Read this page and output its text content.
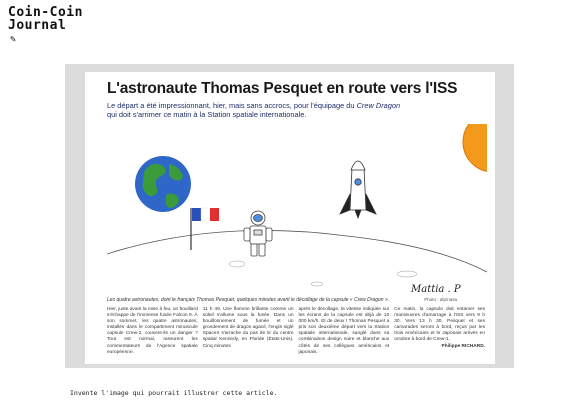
Coin-Coin
Journal
✎
L'astronaute Thomas Pesquet en route vers l'ISS
Le départ a été impressionnant, hier, mais sans accrocs, pour l'équipage du Crew Dragon
qui doit s'arrimer ce matin à la Station spatiale internationale.
Mattia . P
Les quatre astronautes, dont le français Thomas Pesquet, quelques minutes avant le décollage de la capsule « Crew Dragon ».	Photo : afp/nasa
Hier, juste avant la mise à feu, un bouillard s'échappe de l'immense fusée Falcon 9. À son sommet, les quatre astronautes, installés dans le compartiment minuscule capsule Crew-2, couvent-ils un danger ? Tout est normal, rassurent les commentateurs de l'Agence spatiale européenne.
11 h 49. Une flamme brillante comme un soleil s'allume sous la fusée. Dans un bouillonnement de fumée et un grondement de dragon agacé, l'engin siglé SpaceX s'arrache du pas de tir du centre spatial Kennedy, en Floride (États-Unis). Cinq minutes
après le décollage, la vitesse indiquée sur les écrans de la capsule est déjà de 10 000 km/h. Et de deux ! Thomas Pesquet a pris son deuxième départ vers la Station spatiale internationale, sanglé dans sa combinaison design noire et blanche aux côtés de ses collègues américains et japonais.
Ce matin, la capsule doit entamer ses manœuvres d'amarrage à l'ISS vers 9 h 30. Vers 13 h 30, Pesquet et ses camarades seront à bord, reçus par les trois Américains et le Japonais arrivés en octobre à bord de Crew-1.
Philippe RICHARD.
Invente l'image qui pourrait illustrer cette article.
